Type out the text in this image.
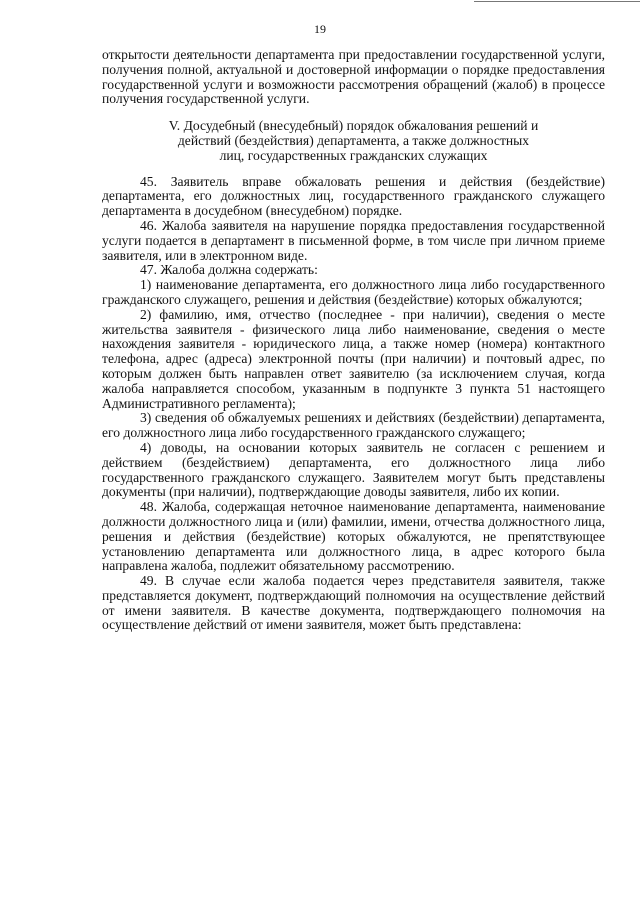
19

открытости деятельности департамента при предоставлении государственной услуги, получения полной, актуальной и достоверной информации о порядке предоставления государственной услуги и возможности рассмотрения обращений (жалоб) в процессе получения государственной услуги.

V. Досудебный (внесудебный) порядок обжалования решений и
действий (бездействия) департамента, а также должностных
лиц, государственных гражданских служащих

45. Заявитель вправе обжаловать решения и действия (бездействие) департамента, его должностных лиц, государственного гражданского служащего департамента в досудебном (внесудебном) порядке.

46. Жалоба заявителя на нарушение порядка предоставления государственной услуги подается в департамент в письменной форме, в том числе при личном приеме заявителя, или в электронном виде.

47. Жалоба должна содержать:

1) наименование департамента, его должностного лица либо государственного гражданского служащего, решения и действия (бездействие) которых обжалуются;

2) фамилию, имя, отчество (последнее - при наличии), сведения о месте жительства заявителя - физического лица либо наименование, сведения о месте нахождения заявителя - юридического лица, а также номер (номера) контактного телефона, адрес (адреса) электронной почты (при наличии) и почтовый адрес, по которым должен быть направлен ответ заявителю (за исключением случая, когда жалоба направляется способом, указанным в подпункте 3 пункта 51 настоящего Административного регламента);

3) сведения об обжалуемых решениях и действиях (бездействии) департамента, его должностного лица либо государственного гражданского служащего;

4) доводы, на основании которых заявитель не согласен с решением и действием (бездействием) департамента, его должностного лица либо государственного гражданского служащего. Заявителем могут быть представлены документы (при наличии), подтверждающие доводы заявителя, либо их копии.

48. Жалоба, содержащая неточное наименование департамента, наименование должности должностного лица и (или) фамилии, имени, отчества должностного лица, решения и действия (бездействие) которых обжалуются, не препятствующее установлению департамента или должностного лица, в адрес которого была направлена жалоба, подлежит обязательному рассмотрению.

49. В случае если жалоба подается через представителя заявителя, также представляется документ, подтверждающий полномочия на осуществление действий от имени заявителя. В качестве документа, подтверждающего полномочия на осуществление действий от имени заявителя, может быть представлена:
